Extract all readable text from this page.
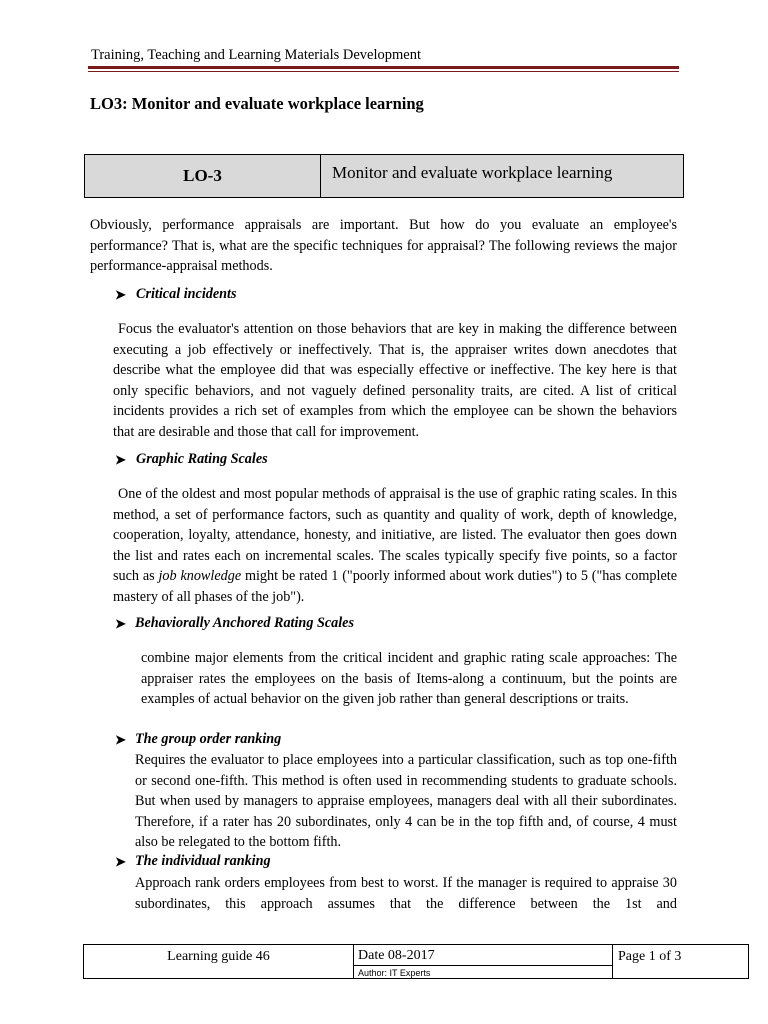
Training, Teaching and Learning Materials Development
LO3: Monitor and evaluate workplace learning
LO-3	Monitor and evaluate workplace learning
Obviously, performance appraisals are important. But how do you evaluate an employee's performance? That is, what are the specific techniques for appraisal? The following reviews the major performance-appraisal methods.
➤ Critical incidents
Focus the evaluator's attention on those behaviors that are key in making the difference between executing a job effectively or ineffectively. That is, the appraiser writes down anecdotes that describe what the employee did that was especially effective or ineffective. The key here is that only specific behaviors, and not vaguely defined personality traits, are cited. A list of critical incidents provides a rich set of examples from which the employee can be shown the behaviors that are desirable and those that call for improvement.
➤ Graphic Rating Scales
One of the oldest and most popular methods of appraisal is the use of graphic rating scales. In this method, a set of performance factors, such as quantity and quality of work, depth of knowledge, cooperation, loyalty, attendance, honesty, and initiative, are listed. The evaluator then goes down the list and rates each on incremental scales. The scales typically specify five points, so a factor such as job knowledge might be rated 1 ("poorly informed about work duties") to 5 ("has complete mastery of all phases of the job").
➤ Behaviorally Anchored Rating Scales
combine major elements from the critical incident and graphic rating scale approaches: The appraiser rates the employees on the basis of Items-along a continuum, but the points are examples of actual behavior on the given job rather than general descriptions or traits.
➤ The group order ranking
Requires the evaluator to place employees into a particular classification, such as top one-fifth or second one-fifth. This method is often used in recommending students to graduate schools. But when used by managers to appraise employees, managers deal with all their subordinates. Therefore, if a rater has 20 subordinates, only 4 can be in the top fifth and, of course, 4 must also be relegated to the bottom fifth.
➤ The individual ranking
Approach rank orders employees from best to worst. If the manager is required to appraise 30 subordinates, this approach assumes that the difference between the 1st and
Learning guide 46	Date 08-2017
Author: IT Experts
Page 1 of 3
